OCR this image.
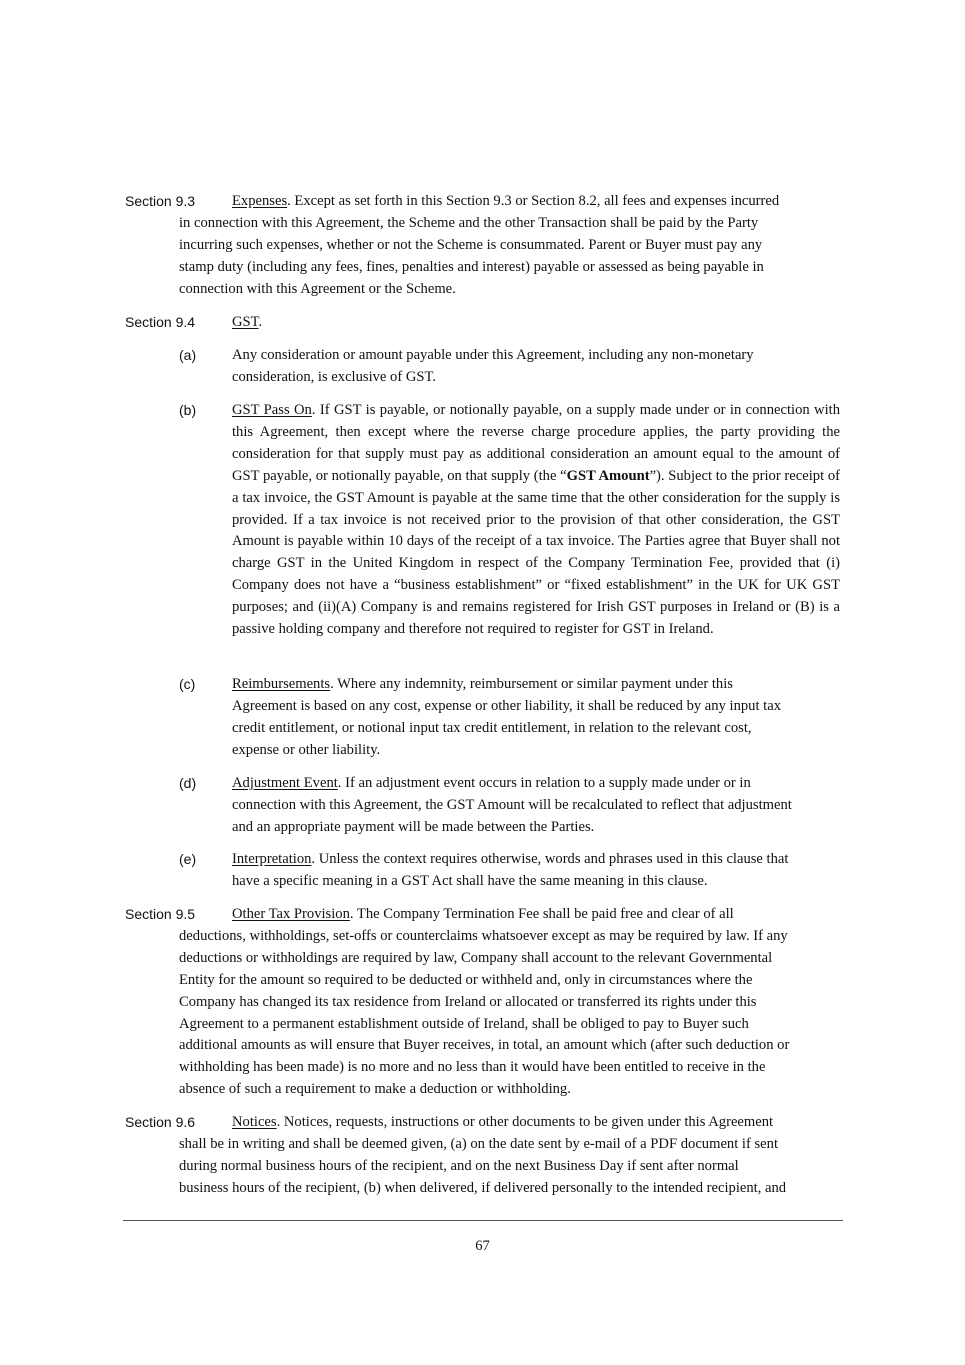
Section 9.3	Expenses. Except as set forth in this Section 9.3 or Section 8.2, all fees and expenses incurred
in connection with this Agreement, the Scheme and the other Transaction shall be paid by the Party
incurring such expenses, whether or not the Scheme is consummated. Parent or Buyer must pay any
stamp duty (including any fees, fines, penalties and interest) payable or assessed as being payable in
connection with this Agreement or the Scheme.
Section 9.4	GST.
(a) Any consideration or amount payable under this Agreement, including any non-monetary
consideration, is exclusive of GST.
(b) GST Pass On. If GST is payable, or notionally payable, on a supply made under or in connection with this Agreement, then except where the reverse charge procedure applies, the party providing the consideration for that supply must pay as additional consideration an amount equal to the amount of GST payable, or notionally payable, on that supply (the “GST Amount”). Subject to the prior receipt of a tax invoice, the GST Amount is payable at the same time that the other consideration for the supply is provided. If a tax invoice is not received prior to the provision of that other consideration, the GST Amount is payable within 10 days of the receipt of a tax invoice. The Parties agree that Buyer shall not charge GST in the United Kingdom in respect of the Company Termination Fee, provided that (i) Company does not have a “business establishment” or “fixed establishment” in the UK for UK GST purposes; and (ii)(A) Company is and remains registered for Irish GST purposes in Ireland or (B) is a passive holding company and therefore not required to register for GST in Ireland.
(c)	Reimbursements. Where any indemnity, reimbursement or similar payment under this
Agreement is based on any cost, expense or other liability, it shall be reduced by any input tax
credit entitlement, or notional input tax credit entitlement, in relation to the relevant cost,
expense or other liability.
(d) Adjustment Event. If an adjustment event occurs in relation to a supply made under or in
connection with this Agreement, the GST Amount will be recalculated to reflect that adjustment
and an appropriate payment will be made between the Parties.
(e) Interpretation. Unless the context requires otherwise, words and phrases used in this clause that
have a specific meaning in a GST Act shall have the same meaning in this clause.
Section 9.5	Other Tax Provision. The Company Termination Fee shall be paid free and clear of all
deductions, withholdings, set-offs or counterclaims whatsoever except as may be required by law. If any
deductions or withholdings are required by law, Company shall account to the relevant Governmental
Entity for the amount so required to be deducted or withheld and, only in circumstances where the
Company has changed its tax residence from Ireland or allocated or transferred its rights under this
Agreement to a permanent establishment outside of Ireland, shall be obliged to pay to Buyer such
additional amounts as will ensure that Buyer receives, in total, an amount which (after such deduction or
withholding has been made) is no more and no less than it would have been entitled to receive in the
absence of such a requirement to make a deduction or withholding.
Section 9.6	Notices. Notices, requests, instructions or other documents to be given under this Agreement
shall be in writing and shall be deemed given, (a) on the date sent by e-mail of a PDF document if sent
during normal business hours of the recipient, and on the next Business Day if sent after normal
business hours of the recipient, (b) when delivered, if delivered personally to the intended recipient, and
67
